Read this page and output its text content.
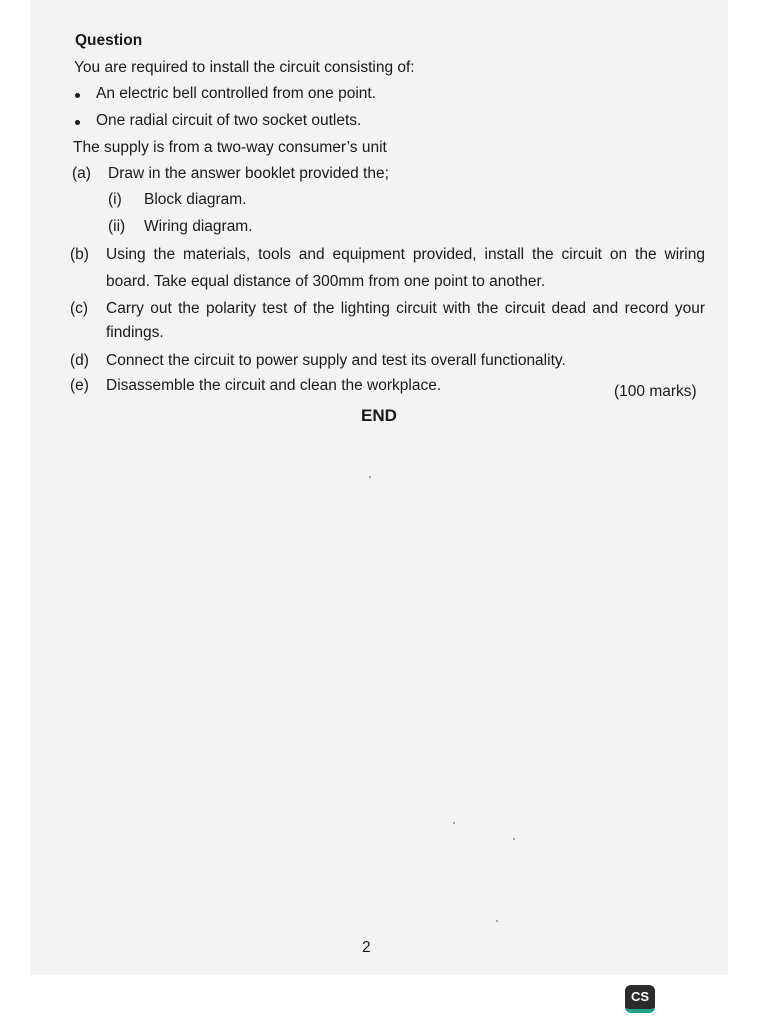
Question
You are required to install the circuit consisting of:
An electric bell controlled from one point.
One radial circuit of two socket outlets.
The supply is from a two-way consumer’s unit
(a) Draw in the answer booklet provided the;
(i) Block diagram.
(ii) Wiring diagram.
(b) Using the materials, tools and equipment provided, install the circuit on the wiring
board. Take equal distance of 300mm from one point to another.
(c) Carry out the polarity test of the lighting circuit with the circuit dead and record your
findings.
(d) Connect the circuit to power supply and test its overall functionality.
(e) Disassemble the circuit and clean the workplace.	(100 marks)
END
2
CS
